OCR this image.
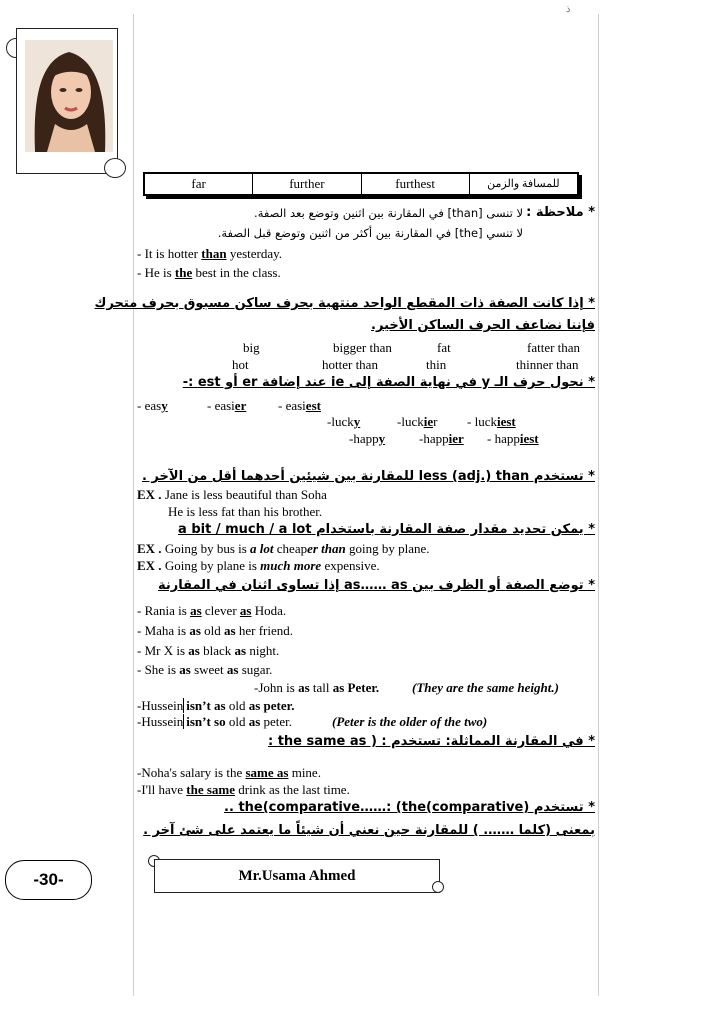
ذ
far	further	furthest	للمسافة والزمن
* ملاحظة :
لا تنسى [than] في المقارنة بين اثنين وتوضع بعد الصفة.
لا تنسي [the] في المقارنة بين أكثر من اثنين وتوضع قبل الصفة.
- It is hotter than yesterday.
- He is the best in the class.
* إذا كانت الصفة ذات المقطع الواحد منتهية بحرف ساكن مسبوق بحرف متحرك
فإننا نضاعف الحرف الساكن الأخير.
big	bigger than	fat	fatter than
hot	hotter than	thin	thinner than
* نحول حرف الـ y في نهاية الصفة إلى ie عند إضافة er أو est :-
- easy	- easier - easiest
-lucky	-luckier - luckiest
-happy	-happier - happiest
* تستخدم less (adj.) than للمقارنة بين شيئين أحدهما أقل من الآخر .
EX . Jane is less beautiful than Soha
He is less fat than his brother.
* يمكن تحديد مقدار صفة المقارنة باستخدام a bit / much / a lot
EX . Going by bus is a lot cheaper than going by plane.
EX . Going by plane is much more expensive.
* توضع الصفة أو الظرف بين as…… as إذا تساوى اثنان في المقارنة
- Rania is as clever as Hoda.
- Maha is as old as her friend.
- Mr X is as black as night.
- She is as sweet as sugar.
-John is as tall as Peter.	(They are the same height.)
-Hussein isn’t as old as peter.
-Hussein isn’t so old as peter.	(Peter is the older of the two)
* في المقارنة المماثلة: تستخدم : ( the same as :
-Noha's salary is the same as mine.
-I'll have the same drink as the last time.
* تستخدم (the(comparative……: (the(comparative ..
بمعنى (كلما ……. ) للمقارنة حين نعني أن شيئاً ما يعتمد على شئ آخر .
-30-	Mr.Usama Ahmed
